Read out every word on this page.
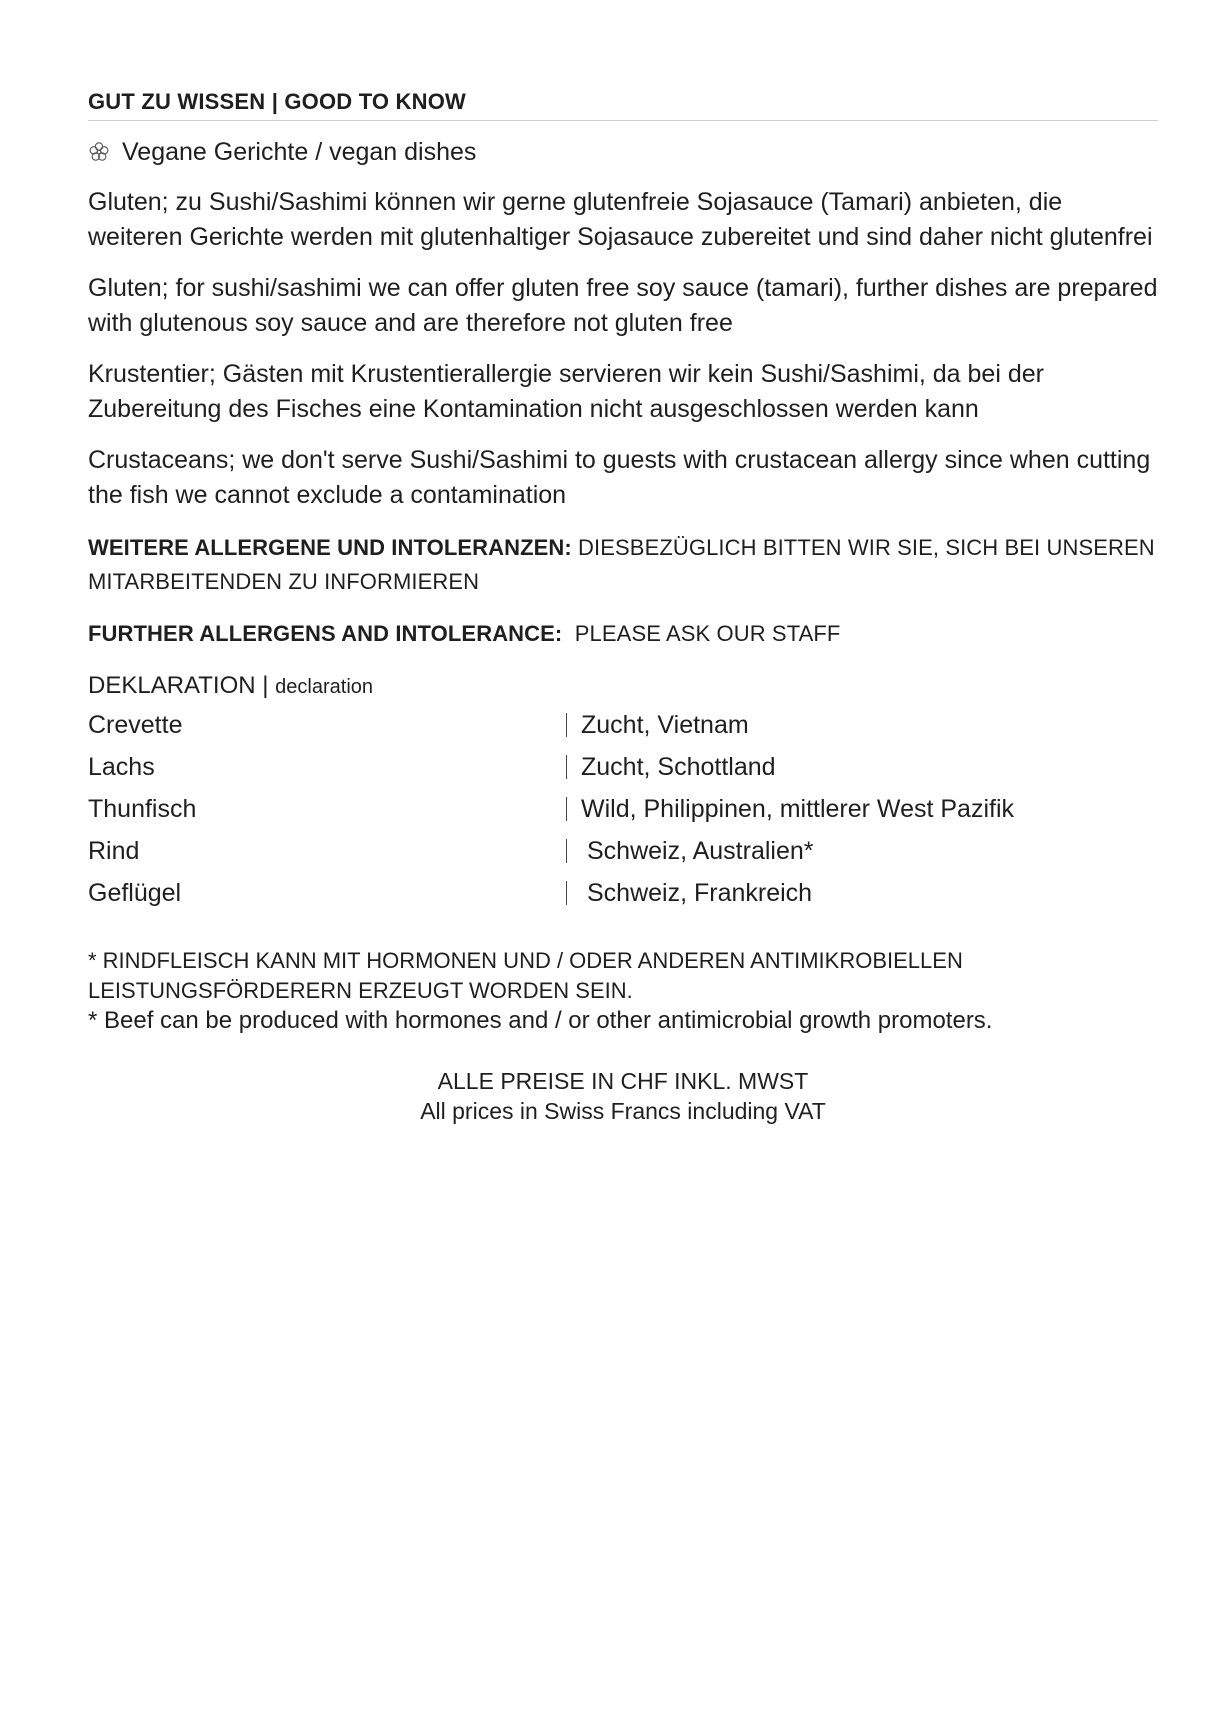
GUT ZU WISSEN | GOOD TO KNOW
Vegane Gerichte / vegan dishes

Gluten; zu Sushi/Sashimi können wir gerne glutenfreie Sojasauce (Tamari) anbieten, die weiteren Gerichte werden mit glutenhaltiger Sojasauce zubereitet und sind daher nicht glutenfrei

Gluten; for sushi/sashimi we can offer gluten free soy sauce (tamari), further dishes are prepared with glutenous soy sauce and are therefore not gluten free

Krustentier; Gästen mit Krustentierallergie servieren wir kein Sushi/Sashimi, da bei der Zubereitung des Fisches eine Kontamination nicht ausgeschlossen werden kann

Crustaceans; we don't serve Sushi/Sashimi to guests with crustacean allergy since when cutting the fish we cannot exclude a contamination

WEITERE ALLERGENE UND INTOLERANZEN: DIESBEZÜGLICH BITTEN WIR SIE, SICH BEI UNSEREN MITARBEITENDEN ZU INFORMIEREN

FURTHER ALLERGENS AND INTOLERANCE:  PLEASE ASK OUR STAFF

DEKLARATION | declaration
Crevette	Zucht, Vietnam
Lachs	Zucht, Schottland
Thunfisch	Wild, Philippinen, mittlerer West Pazifik
Rind	Schweiz, Australien*
Geflügel	Schweiz, Frankreich
* RINDFLEISCH KANN MIT HORMONEN UND / ODER ANDEREN ANTIMIKROBIELLEN LEISTUNGSFÖRDERERN ERZEUGT WORDEN SEIN.
* Beef can be produced with hormones and / or other antimicrobial growth promoters.
ALLE PREISE IN CHF INKL. MWST
All prices in Swiss Francs including VAT
